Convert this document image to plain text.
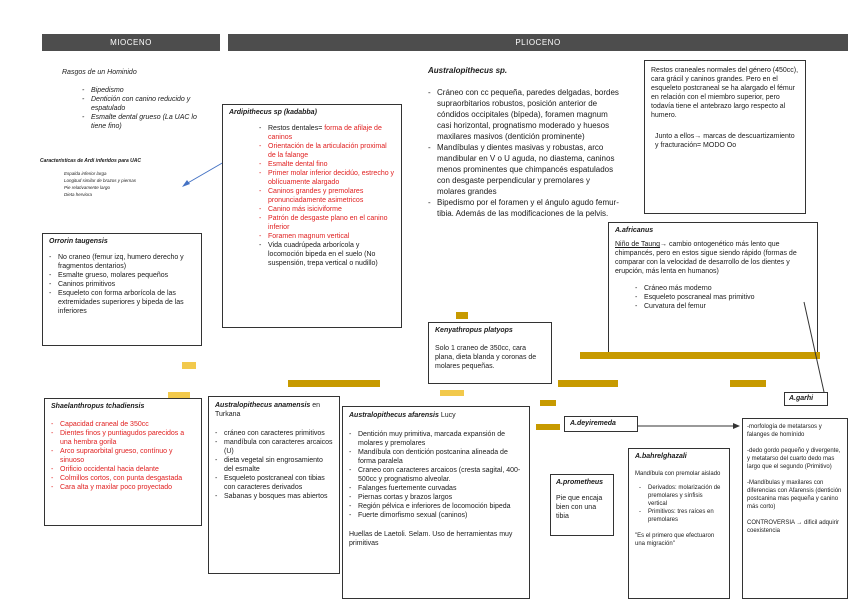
MIOCENO	PLIOCENO
Rasgos de un Hominido
- Bipedismo
- Dentición con canino reducido y espatulado
- Esmalte dental grueso (La UAC lo tiene fino)
Características de Ardi inferidos para UAC
Espalda inferior larga
Longitud similar de brazos y piernas
Pie relativamente largo
Dieta herviora
Ardipithecus sp (kadabba)
- Restos dentales= forma de afilaje de caninos
- Orientación de la articulación proximal de la falange
- Esmalte dental fino
- Primer molar inferior decidúo, estrecho y oblícuamente alargado
- Caninos grandes y premolares pronunciadamente asimetricos
- Canino más isiciviforme
- Patrón de desgaste plano en el canino inferior
- Foramen magnum vertical
- Vida cuadrúpeda arborícola y locomoción bipeda en el suelo (No suspensión, trepa vertical o nudillo)
Orrorin taugensis
- No craneo (femur izq, humero derecho y fragmentos dentarios)
- Esmalte grueso, molares pequeños
- Caninos primitivos
- Esqueleto con forma arborícola de las extremidades superiores y bipeda de las inferiores
Australopithecus sp.
- Cráneo con cc pequeña, paredes delgadas, bordes supraorbitarios robustos, posición anterior de cóndidos occipitales (bípeda), foramen magnum casi horizontal, prognatismo moderado y huesos maxilares masivos (dentición prominente)
- Mandíbulas y dientes masivas y robustas, arco mandibular en V o U aguda, no diastema, caninos menos prominentes que chimpancés espatulados con desgaste perpendicular y premolares y molares grandes
- Bipedismo por el foramen y el ángulo agudo femur-tibia. Además de las modificaciones de la pelvis.
Restos craneales normales del género (450cc), cara grácil y caninos grandes. Pero en el esqueleto postcraneal se ha alargado el fémur en relación con el miembro superior, pero todavía tiene el antebrazo largo respecto al humero.
Junto a ellos→ marcas de descuartizamiento y fracturación= MODO Oo
A.africanus
Niño de Taung→ cambio ontogenético más lento que chimpancés, pero en estos sigue siendo rápido (formas de comparar con la velocidad de desarrollo de los dientes y erupción, más lenta en humanos)
- Cráneo más moderno
- Esqueleto poscraneal mas primitivo
- Curvatura del femur
Kenyathropus platyops
Solo 1 craneo de 350cc, cara plana, dieta blanda y coronas de molares pequeñas.
A.garhi
Shaelanthropus tchadiensis
- Capacidad craneal de 350cc
- Dientes finos y puntiagudos parecidos a una hembra gorila
- Arco supraorbital grueso, contínuo y sinuoso
- Orificio occidental hacia delante
- Colmillos cortos, con punta desgastada
- Cara alta y maxilar poco proyectado
Australopithecus anamensis en Turkana
- cráneo con caracteres primitivos
- mandíbula con caracteres arcaicos (U)
- dieta vegetal sin engrosamiento del esmalte
- Esqueleto postcraneal con tibias con caracteres derivados
- Sabanas y bosques mas abiertos
Australopithecus afarensis Lucy
- Dentición muy primitiva, marcada expansión de molares y premolares
- Mandíbula con dentición postcanina alineada de forma paralela
- Craneo con caracteres arcaicos (cresta sagital, 400-500cc y prognatismo alveolar.
- Falanges fuertemente curvadas
- Piernas cortas y brazos largos
- Región pélvica e inferiores de locomoción bipeda
- Fuerte dimorfismo sexual (caninos)
Huellas de Laetoli. Selam. Uso de herramientas muy primitivas
A.deyiremeda
A.prometheus
Pie que encaja bien con una tibia
A.bahrelghazali
Mandíbula con premolar aislado
- Derivados: molarización de premolares y sínfisis vertical
- Primitivos: tres raíces en premolares
"Es el primero que efectuaron una migración"
-morfología de metatarsos y falanges de homínido
-dedo gordo pequeño y divergente, y metatarso del cuarto dedo mas largo que el segundo (Primitivo)
-Mandíbulas y maxilares con diferencias con Afarensis (dentición postcanina mas pequeña y canino más corto)
CONTROVERSIA → dificil adquirir coexistencia
